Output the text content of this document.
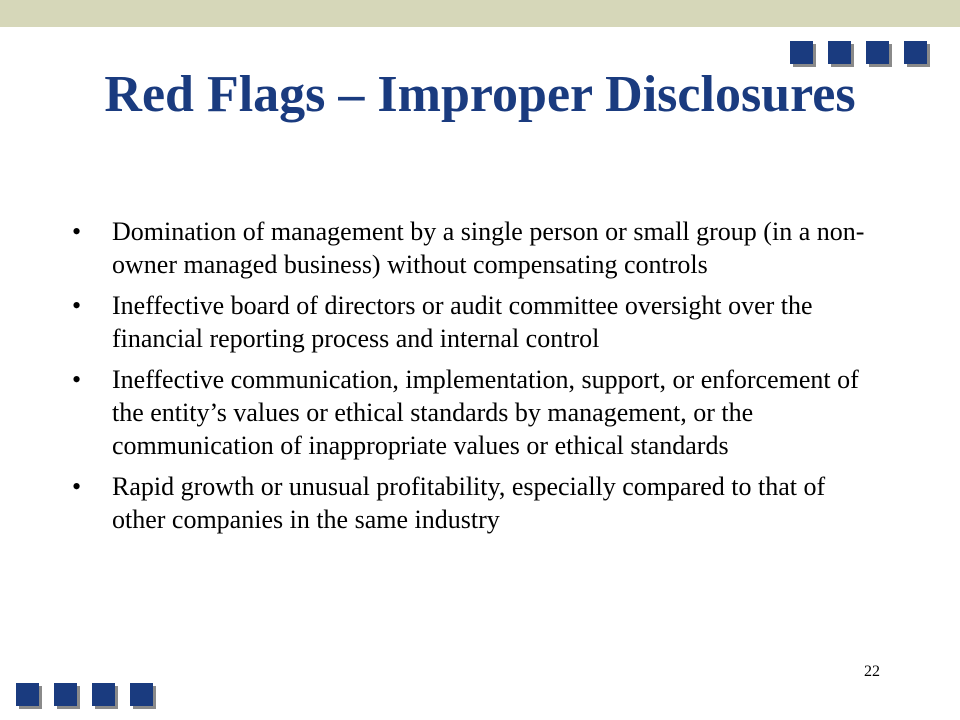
Red Flags – Improper Disclosures
• Domination of management by a single person or small group (in a non-owner managed business) without compensating controls
• Ineffective board of directors or audit committee oversight over the financial reporting process and internal control
• Ineffective communication, implementation, support, or enforcement of the entity’s values or ethical standards by management, or the communication of inappropriate values or ethical standards
• Rapid growth or unusual profitability, especially compared to that of other companies in the same industry
22
